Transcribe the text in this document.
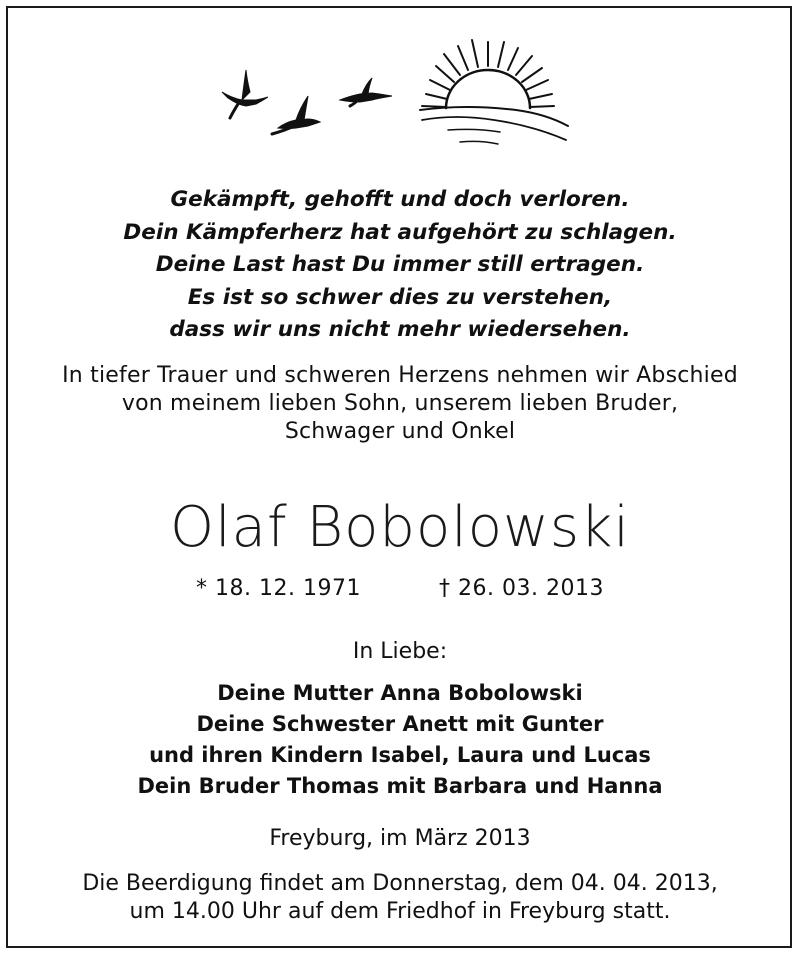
Gekämpft, gehofft und doch verloren.
Dein Kämpferherz hat aufgehört zu schlagen.
Deine Last hast Du immer still ertragen.
Es ist so schwer dies zu verstehen,
dass wir uns nicht mehr wiedersehen.
In tiefer Trauer und schweren Herzens nehmen wir Abschied
von meinem lieben Sohn, unserem lieben Bruder,
Schwager und Onkel
Olaf Bobolowski
* 18. 12. 1971	† 26. 03. 2013
In Liebe:
Deine Mutter Anna Bobolowski
Deine Schwester Anett mit Gunter
und ihren Kindern Isabel, Laura und Lucas
Dein Bruder Thomas mit Barbara und Hanna
Freyburg, im März 2013
Die Beerdigung findet am Donnerstag, dem 04. 04. 2013,
um 14.00 Uhr auf dem Friedhof in Freyburg statt.
